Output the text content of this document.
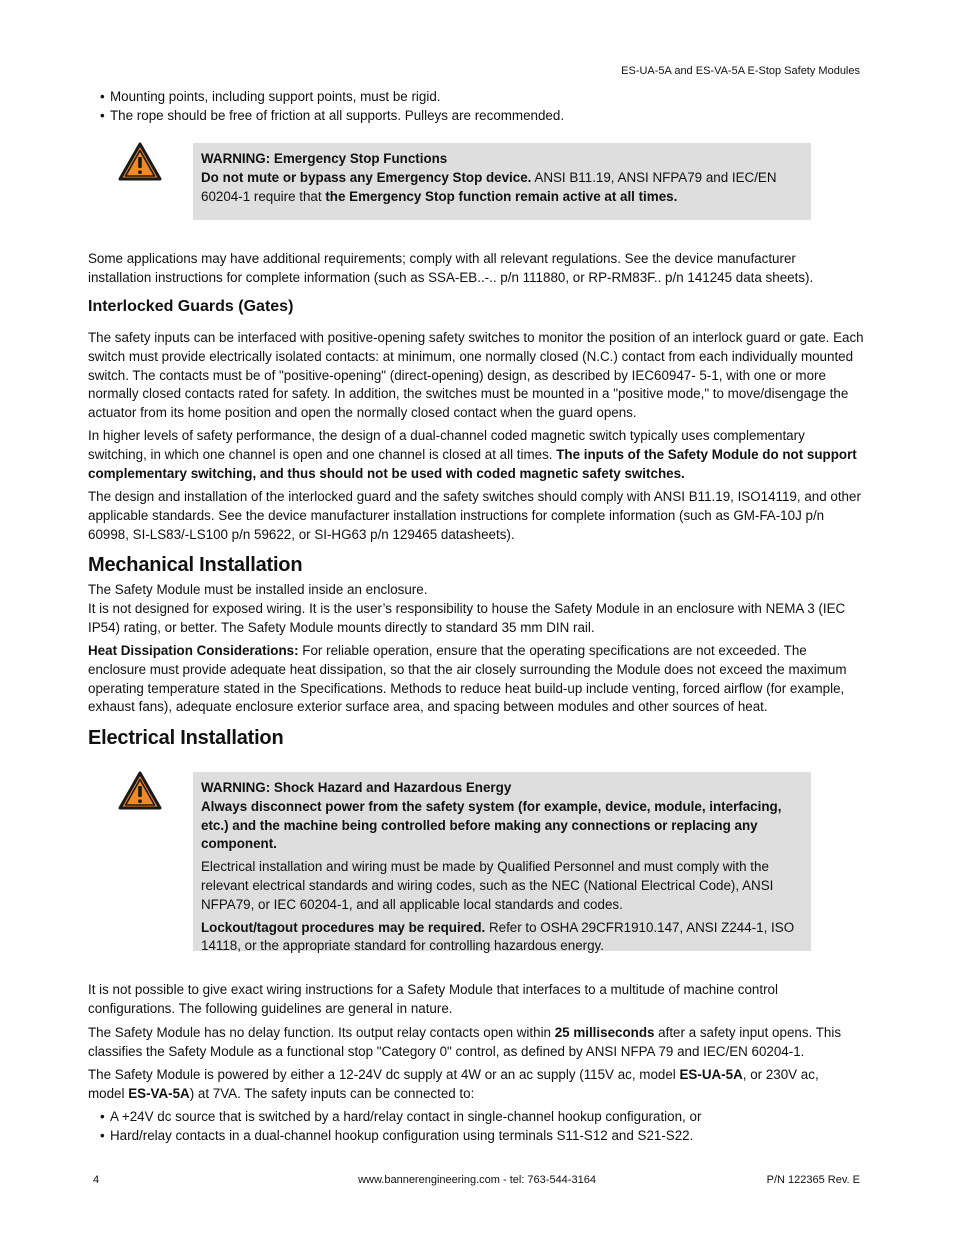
ES-UA-5A and ES-VA-5A E-Stop Safety Modules
• Mounting points, including support points, must be rigid.
• The rope should be free of friction at all supports. Pulleys are recommended.

WARNING: Emergency Stop Functions
Do not mute or bypass any Emergency Stop device. ANSI B11.19, ANSI NFPA79 and IEC/EN 60204-1 require that the Emergency Stop function remain active at all times.

Some applications may have additional requirements; comply with all relevant regulations. See the device manufacturer installation instructions for complete information (such as SSA-EB..-.. p/n 111880, or RP-RM83F.. p/n 141245 data sheets).

Interlocked Guards (Gates)

The safety inputs can be interfaced with positive-opening safety switches to monitor the position of an interlock guard or gate. Each switch must provide electrically isolated contacts: at minimum, one normally closed (N.C.) contact from each individually mounted switch. The contacts must be of "positive-opening" (direct-opening) design, as described by IEC60947- 5-1, with one or more normally closed contacts rated for safety. In addition, the switches must be mounted in a "positive mode," to move/disengage the actuator from its home position and open the normally closed contact when the guard opens.

In higher levels of safety performance, the design of a dual-channel coded magnetic switch typically uses complementary switching, in which one channel is open and one channel is closed at all times. The inputs of the Safety Module do not support complementary switching, and thus should not be used with coded magnetic safety switches.

The design and installation of the interlocked guard and the safety switches should comply with ANSI B11.19, ISO14119, and other applicable standards. See the device manufacturer installation instructions for complete information (such as GM-FA-10J p/n 60998, SI-LS83/-LS100 p/n 59622, or SI-HG63 p/n 129465 datasheets).

Mechanical Installation
The Safety Module must be installed inside an enclosure.
It is not designed for exposed wiring. It is the user’s responsibility to house the Safety Module in an enclosure with NEMA 3 (IEC IP54) rating, or better. The Safety Module mounts directly to standard 35 mm DIN rail.

Heat Dissipation Considerations: For reliable operation, ensure that the operating specifications are not exceeded. The enclosure must provide adequate heat dissipation, so that the air closely surrounding the Module does not exceed the maximum operating temperature stated in the Specifications. Methods to reduce heat build-up include venting, forced airflow (for example, exhaust fans), adequate enclosure exterior surface area, and spacing between modules and other sources of heat.

Electrical Installation

WARNING: Shock Hazard and Hazardous Energy
Always disconnect power from the safety system (for example, device, module, interfacing, etc.) and the machine being controlled before making any connections or replacing any component.

Electrical installation and wiring must be made by Qualified Personnel and must comply with the relevant electrical standards and wiring codes, such as the NEC (National Electrical Code), ANSI NFPA79, or IEC 60204-1, and all applicable local standards and codes.

Lockout/tagout procedures may be required. Refer to OSHA 29CFR1910.147, ANSI Z244-1, ISO 14118, or the appropriate standard for controlling hazardous energy.

It is not possible to give exact wiring instructions for a Safety Module that interfaces to a multitude of machine control configurations. The following guidelines are general in nature.

The Safety Module has no delay function. Its output relay contacts open within 25 milliseconds after a safety input opens. This classifies the Safety Module as a functional stop "Category 0" control, as defined by ANSI NFPA 79 and IEC/EN 60204-1.

The Safety Module is powered by either a 12-24V dc supply at 4W or an ac supply (115V ac, model ES-UA-5A, or 230V ac, model ES-VA-5A) at 7VA. The safety inputs can be connected to:

• A +24V dc source that is switched by a hard/relay contact in single-channel hookup configuration, or
• Hard/relay contacts in a dual-channel hookup configuration using terminals S11-S12 and S21-S22.
4	www.bannerengineering.com - tel: 763-544-3164	P/N 122365 Rev. E
